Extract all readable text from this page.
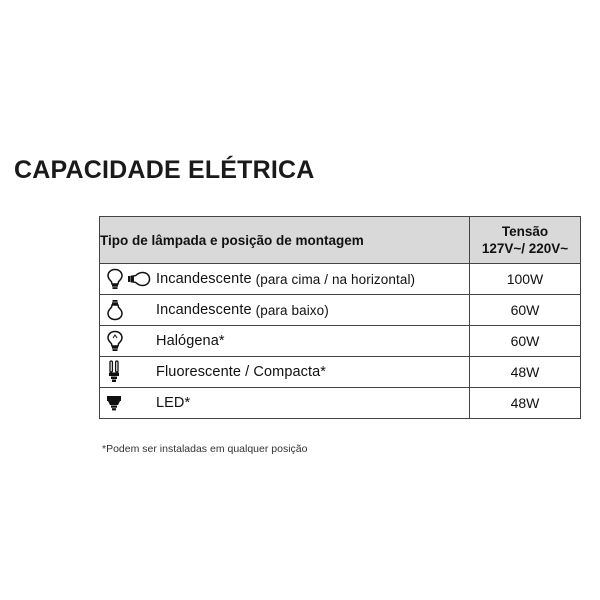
CAPACIDADE ELÉTRICA
Tipo de lâmpada e posição de montagem	Tensão
127V~/ 220V~

Incandescente (para cima / na horizontal)	100W

Incandescente (para baixo)	60W

Halógena*	60W

Fluorescente / Compacta*	48W

LED*	48W
*Podem ser instaladas em qualquer posição
